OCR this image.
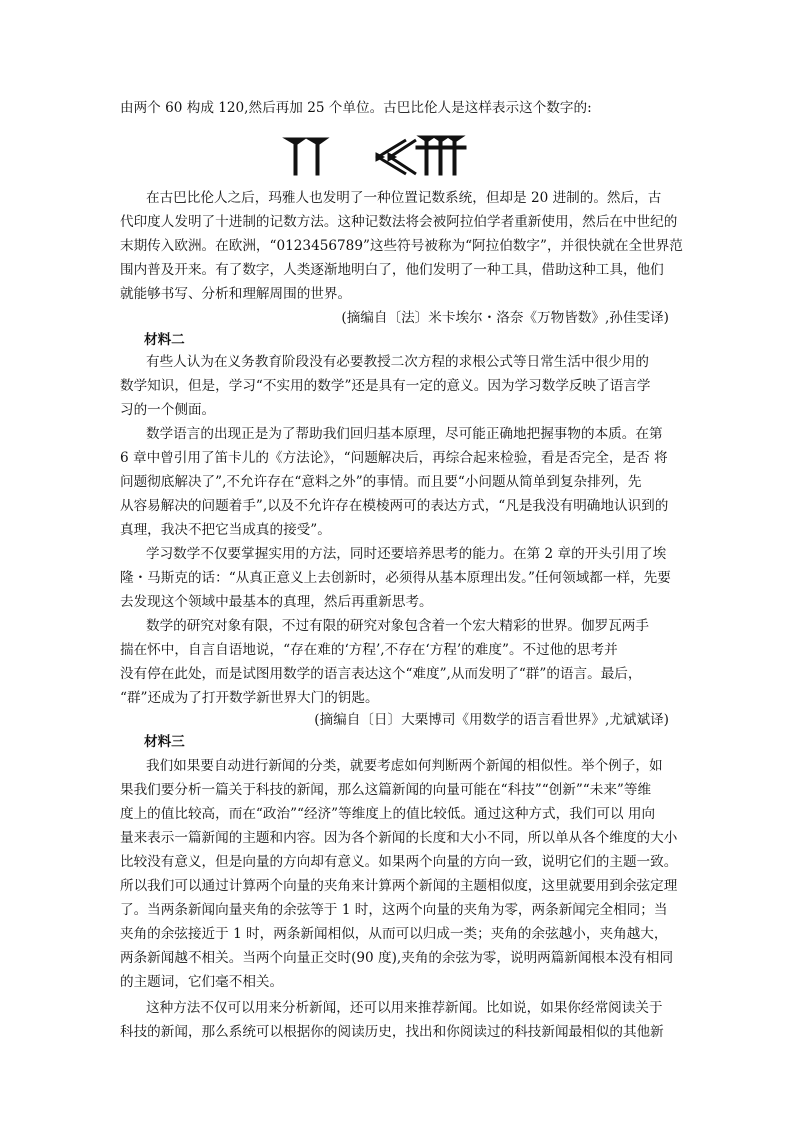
由两个 60 构成 120,然后再加 25 个单位。古巴比伦人是这样表示这个数字的:
在古巴比伦人之后，玛雅人也发明了一种位置记数系统，但却是 20 进制的。然后，古
代印度人发明了十进制的记数方法。这种记数法将会被阿拉伯学者重新使用，然后在中世纪的
末期传入欧洲。在欧洲，“0123456789”这些符号被称为“阿拉伯数字”，并很快就在全世界范
围内普及开来。有了数字，人类逐渐地明白了，他们发明了一种工具，借助这种工具，他们
就能够书写、分析和理解周围的世界。
(摘编自〔法〕米卡埃尔・洛奈《万物皆数》,孙佳雯译)
材料二
有些人认为在义务教育阶段没有必要教授二次方程的求根公式等日常生活中很少用的
数学知识，但是，学习“不实用的数学”还是具有一定的意义。因为学习数学反映了语言学
习的一个侧面。
数学语言的出现正是为了帮助我们回归基本原理，尽可能正确地把握事物的本质。在第
6 章中曾引用了笛卡儿的《方法论》，“问题解决后，再综合起来检验，看是否完全，是否 将
问题彻底解决了”,不允许存在“意料之外”的事情。而且要“小问题从简单到复杂排列，先
从容易解决的问题着手”,以及不允许存在模棱两可的表达方式，“凡是我没有明确地认识到的
真理，我决不把它当成真的接受”。
学习数学不仅要掌握实用的方法，同时还要培养思考的能力。在第 2 章的开头引用了埃
隆・马斯克的话：“从真正意义上去创新时，必须得从基本原理出发。”任何领域都一样，先要
去发现这个领域中最基本的真理，然后再重新思考。
数学的研究对象有限，不过有限的研究对象包含着一个宏大精彩的世界。伽罗瓦两手
揣在怀中，自言自语地说，“存在难的‘方程’,不存在‘方程’的难度”。不过他的思考并
没有停在此处，而是试图用数学的语言表达这个“难度”,从而发明了“群”的语言。最后，
“群”还成为了打开数学新世界大门的钥匙。
(摘编自〔日〕大栗博司《用数学的语言看世界》,尤斌斌译)
材料三
我们如果要自动进行新闻的分类，就要考虑如何判断两个新闻的相似性。举个例子，如
果我们要分析一篇关于科技的新闻，那么这篇新闻的向量可能在“科技”“创新”“未来”等维
度上的值比较高，而在“政治”“经济”等维度上的值比较低。通过这种方式，我们可以 用向
量来表示一篇新闻的主题和内容。因为各个新闻的长度和大小不同，所以单从各个维度的大小
比较没有意义，但是向量的方向却有意义。如果两个向量的方向一致，说明它们的主题一致。
所以我们可以通过计算两个向量的夹角来计算两个新闻的主题相似度，这里就要用到余弦定理
了。当两条新闻向量夹角的余弦等于 1 时，这两个向量的夹角为零，两条新闻完全相同；当
夹角的余弦接近于 1 时，两条新闻相似，从而可以归成一类；夹角的余弦越小，夹角越大，
两条新闻越不相关。当两个向量正交时(90 度),夹角的余弦为零，说明两篇新闻根本没有相同
的主题词，它们毫不相关。
这种方法不仅可以用来分析新闻，还可以用来推荐新闻。比如说，如果你经常阅读关于
科技的新闻，那么系统可以根据你的阅读历史，找出和你阅读过的科技新闻最相似的其他新
